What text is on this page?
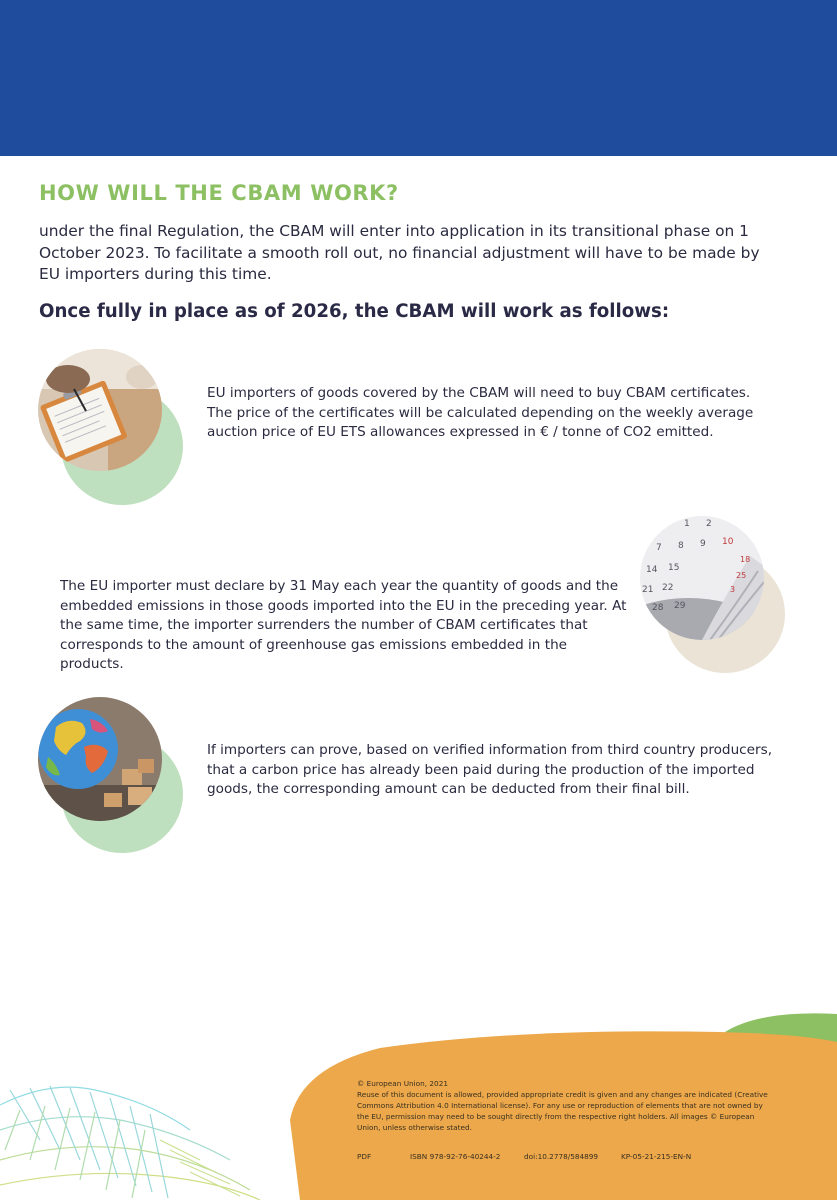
HOW WILL THE CBAM WORK?

under the final Regulation, the CBAM will enter into application in its transitional phase on 1 October 2023. To facilitate a smooth roll out, no financial adjustment will have to be made by EU importers during this time.

Once fully in place as of 2026, the CBAM will work as follows:

EU importers of goods covered by the CBAM will need to buy CBAM certificates. The price of the certificates will be calculated depending on the weekly average auction price of EU ETS allowances expressed in € / tonne of CO2 emitted.

1 2
7 8 9 10
14 15
21 22
28 29
18
25
3

The EU importer must declare by 31 May each year the quantity of goods and the embedded emissions in those goods imported into the EU in the preceding year. At the same time, the importer surrenders the number of CBAM certificates that corresponds to the amount of greenhouse gas emissions embedded in the products.

If importers can prove, based on verified information from third country producers, that a carbon price has already been paid during the production of the imported goods, the corresponding amount can be deducted from their final bill.

© European Union, 2021

Reuse of this document is allowed, provided appropriate credit is given and any changes are indicated (Creative Commons Attribution 4.0 International license). For any use or reproduction of elements that are not owned by the EU, permission may need to be sought directly from the respective right holders. All images © European Union, unless otherwise stated.

PDF	ISBN 978-92-76-40244-2	doi:10.2778/584899	KP-05-21-215-EN-N
